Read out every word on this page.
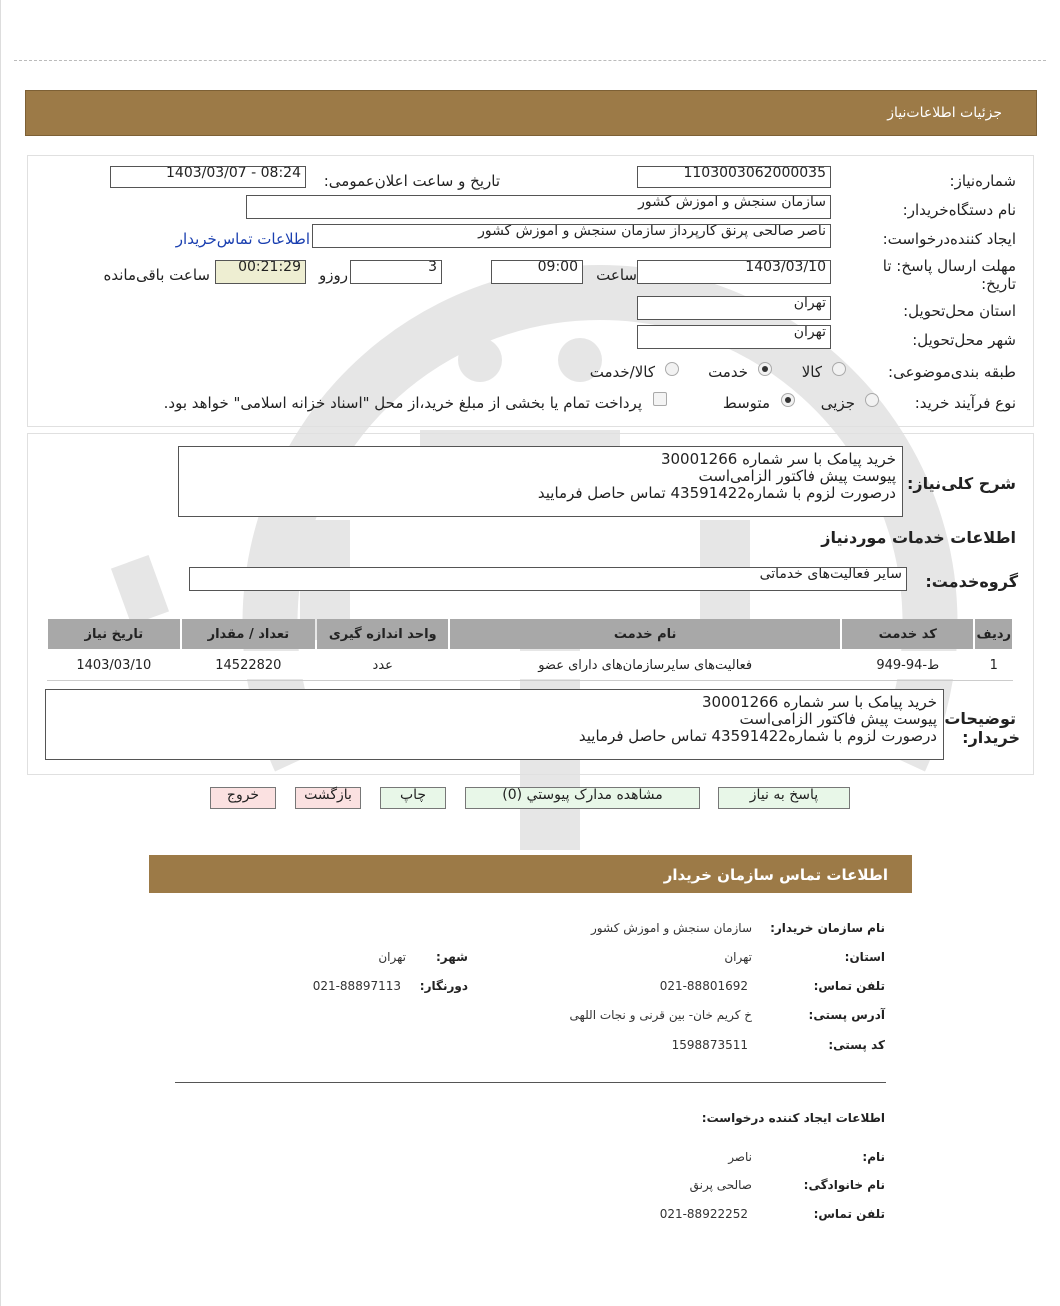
جزئیات اطلاعات‌نیاز
شماره‌نیاز:
1103003062000035
تاریخ و ساعت اعلان‌عمومی:
1403/03/07 - 08:24
نام دستگاه‌خریدار:
سازمان سنجش و اموزش کشور
ایجاد کننده‌درخواست:
ناصر صالحی پرنق کارپرداز سازمان سنجش و اموزش کشور
اطلاعات تماس‌خریدار
مهلت ارسال پاسخ: تا
تاریخ:
1403/03/10
ساعت
09:00
3
روزو
00:21:29
ساعت باقی‌مانده
استان محل‌تحویل:
تهران
شهر محل‌تحویل:
تهران
طبقه بندی‌موضوعی:
کالا
خدمت
کالا/خدمت
نوع فرآیند خرید:
جزیی
متوسط
پرداخت تمام یا بخشی از مبلغ خرید،از محل "اسناد خزانه اسلامی" خواهد بود.
شرح کلی‌نیاز:
خرید پیامک با سر شماره 30001266
پیوست پیش فاکتور الزامی‌است
درصورت لزوم با شماره43591422 تماس حاصل فرمایید
اطلاعات خدمات موردنیاز
گروه‌خدمت:
سایر فعالیت‌های خدماتی
ردیف	کد خدمت	نام خدمت	واحد اندازه گیری	تعداد / مقدار	تاریخ نیاز
1	ط-94-949	فعالیت‌های سایرسازمان‌های دارای عضو	عدد	14522820	1403/03/10
توضیحات
خریدار:
خرید پیامک با سر شماره 30001266
پیوست پیش فاکتور الزامی‌است
درصورت لزوم با شماره43591422 تماس حاصل فرمایید
پاسخ به نیاز
مشاهده مدارک پیوستي (0)
چاپ
بازگشت
خروج
اطلاعات تماس سازمان خریدار
نام سازمان خریدار:
سازمان سنجش و اموزش کشور
استان:
تهران
شهر:
تهران
تلفن تماس:
021-88801692
دورنگار:
021-88897113
آدرس پستی:
خ کریم خان- بین قرنی و نجات اللهی
کد پستی:
1598873511
اطلاعات ایجاد کننده درخواست:
نام:
ناصر
نام خانوادگی:
صالحی پرنق
تلفن تماس:
021-88922252
